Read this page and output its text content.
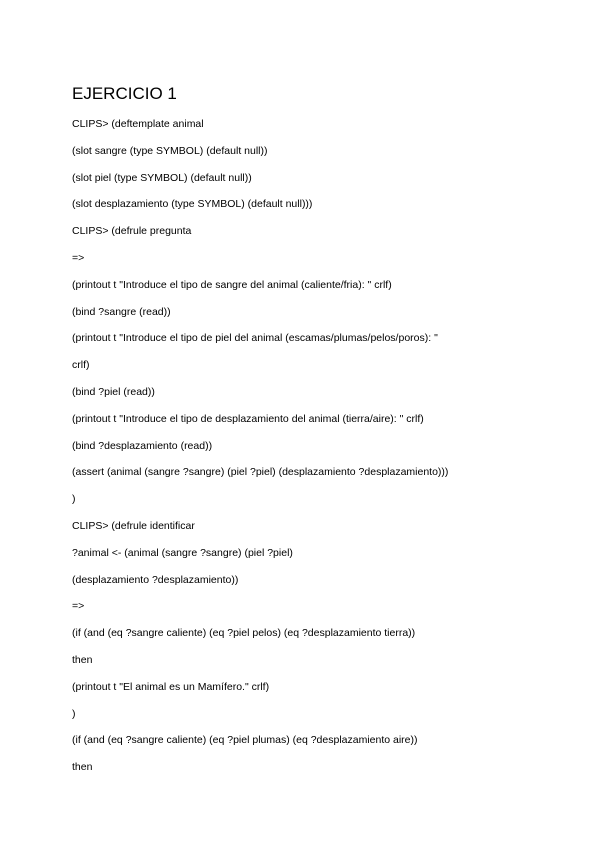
EJERCICIO 1
CLIPS> (deftemplate animal
(slot sangre (type SYMBOL) (default null))
(slot piel (type SYMBOL) (default null))
(slot desplazamiento (type SYMBOL) (default null)))
CLIPS> (defrule pregunta
=>
(printout t "Introduce el tipo de sangre del animal (caliente/fria): " crlf)
(bind ?sangre (read))
(printout t "Introduce el tipo de piel del animal (escamas/plumas/pelos/poros): "
crlf)
(bind ?piel (read))
(printout t "Introduce el tipo de desplazamiento del animal (tierra/aire): " crlf)
(bind ?desplazamiento (read))
(assert (animal (sangre ?sangre) (piel ?piel) (desplazamiento ?desplazamiento)))
)
CLIPS> (defrule identificar
?animal <- (animal (sangre ?sangre) (piel ?piel)
(desplazamiento ?desplazamiento))
=>
(if (and (eq ?sangre caliente) (eq ?piel pelos) (eq ?desplazamiento tierra))
then
(printout t "El animal es un Mamífero." crlf)
)
(if (and (eq ?sangre caliente) (eq ?piel plumas) (eq ?desplazamiento aire))
then
